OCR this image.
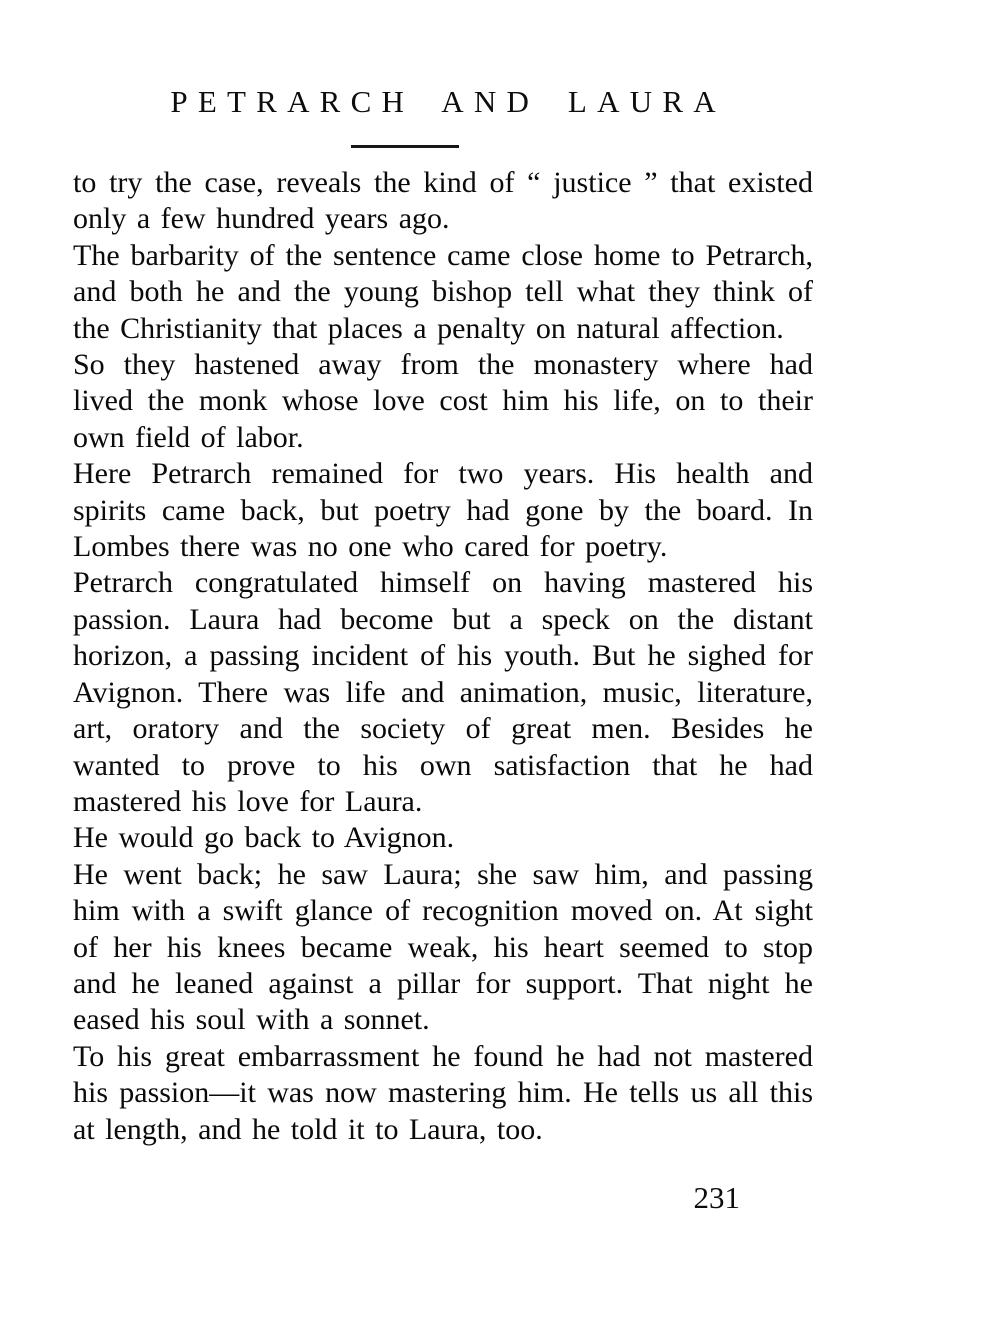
PETRARCH AND LAURA

to try the case, reveals the kind of “ justice ” that existed only a few hundred years ago.

The barbarity of the sentence came close home to Petrarch, and both he and the young bishop tell what they think of the Christianity that places a penalty on natural affection.

So they hastened away from the monastery where had lived the monk whose love cost him his life, on to their own field of labor.

Here Petrarch remained for two years. His health and spirits came back, but poetry had gone by the board. In Lombes there was no one who cared for poetry.

Petrarch congratulated himself on having mastered his passion. Laura had become but a speck on the distant horizon, a passing incident of his youth. But he sighed for Avignon. There was life and animation, music, literature, art, oratory and the society of great men. Besides he wanted to prove to his own satisfaction that he had mastered his love for Laura.

He would go back to Avignon.

He went back; he saw Laura; she saw him, and passing him with a swift glance of recognition moved on. At sight of her his knees became weak, his heart seemed to stop and he leaned against a pillar for support. That night he eased his soul with a sonnet.

To his great embarrassment he found he had not mastered his passion—it was now mastering him. He tells us all this at length, and he told it to Laura, too.

231
